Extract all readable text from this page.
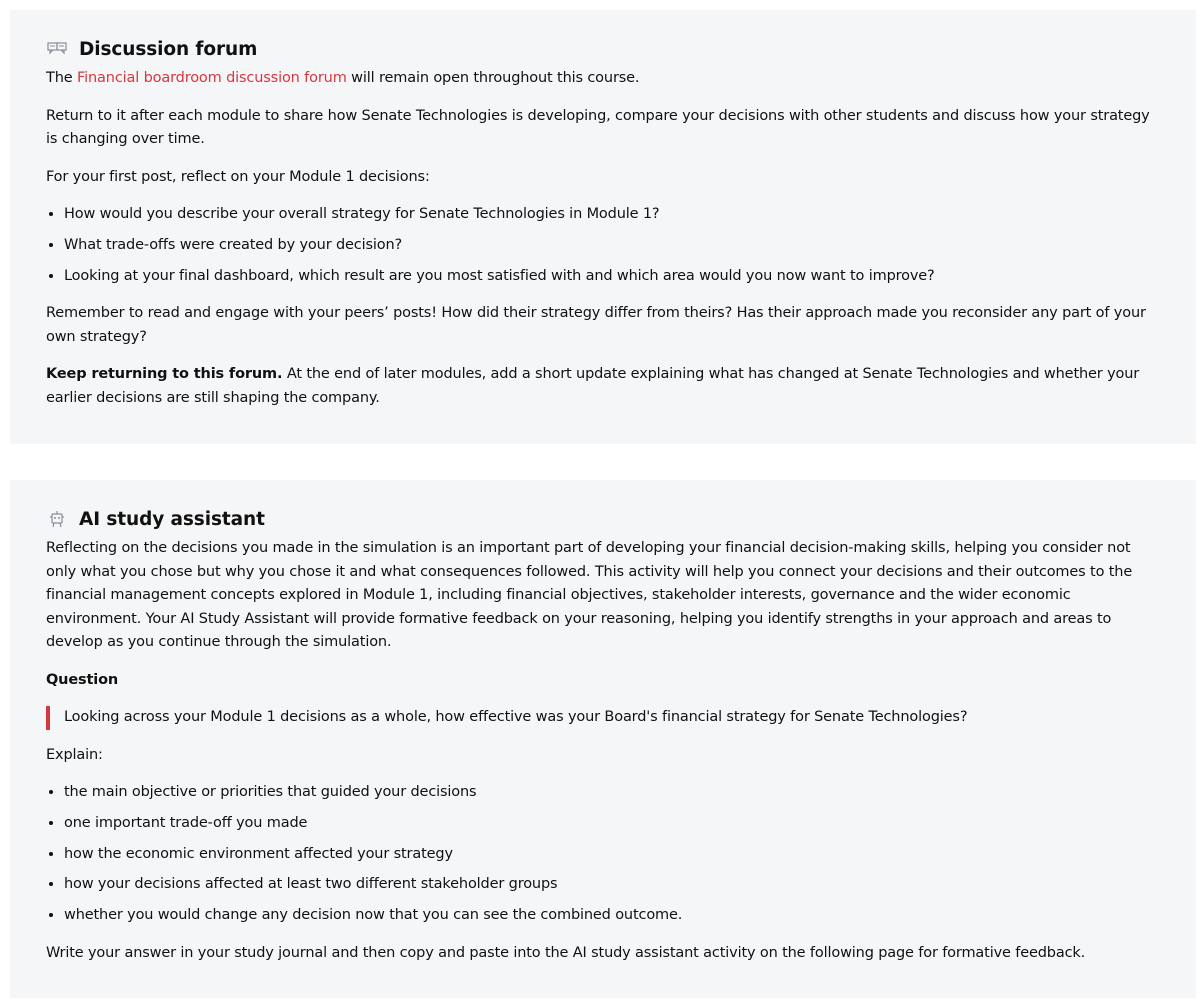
Discussion forum

The Financial boardroom discussion forum will remain open throughout this course.

Return to it after each module to share how Senate Technologies is developing, compare your decisions with other students and discuss how your strategy is changing over time.

For your first post, reflect on your Module 1 decisions:

• How would you describe your overall strategy for Senate Technologies in Module 1?
• What trade-offs were created by your decision?
• Looking at your final dashboard, which result are you most satisfied with and which area would you now want to improve?

Remember to read and engage with your peers’ posts! How did their strategy differ from theirs? Has their approach made you reconsider any part of your own strategy?

Keep returning to this forum. At the end of later modules, add a short update explaining what has changed at Senate Technologies and whether your earlier decisions are still shaping the company.

AI study assistant

Reflecting on the decisions you made in the simulation is an important part of developing your financial decision-making skills, helping you consider not only what you chose but why you chose it and what consequences followed. This activity will help you connect your decisions and their outcomes to the financial management concepts explored in Module 1, including financial objectives, stakeholder interests, governance and the wider economic environment. Your AI Study Assistant will provide formative feedback on your reasoning, helping you identify strengths in your approach and areas to develop as you continue through the simulation.

Question

Looking across your Module 1 decisions as a whole, how effective was your Board's financial strategy for Senate Technologies?

Explain:

• the main objective or priorities that guided your decisions
• one important trade-off you made
• how the economic environment affected your strategy
• how your decisions affected at least two different stakeholder groups
• whether you would change any decision now that you can see the combined outcome.

Write your answer in your study journal and then copy and paste into the AI study assistant activity on the following page for formative feedback.
